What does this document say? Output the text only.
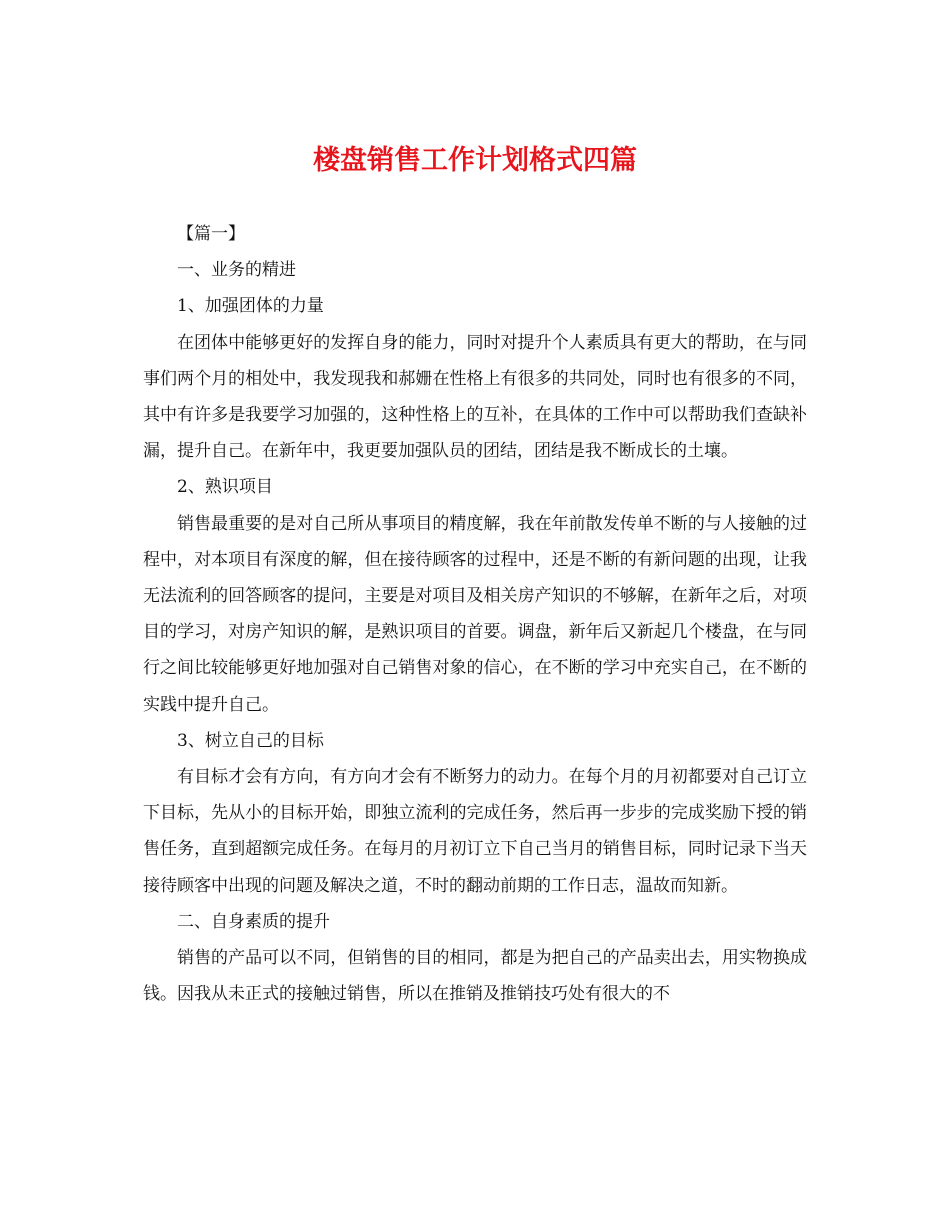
楼盘销售工作计划格式四篇

【篇一】

一、业务的精进

1、加强团体的力量

在团体中能够更好的发挥自身的能力，同时对提升个人素质具有更大的帮助，在与同事们两个月的相处中，我发现我和郝姗在性格上有很多的共同处，同时也有很多的不同，其中有许多是我要学习加强的，这种性格上的互补，在具体的工作中可以帮助我们查缺补漏，提升自己。在新年中，我更要加强队员的团结，团结是我不断成长的土壤。

2、熟识项目

销售最重要的是对自己所从事项目的精度解，我在年前散发传单不断的与人接触的过程中，对本项目有深度的解，但在接待顾客的过程中，还是不断的有新问题的出现，让我无法流利的回答顾客的提问，主要是对项目及相关房产知识的不够解，在新年之后，对项目的学习，对房产知识的解，是熟识项目的首要。调盘，新年后又新起几个楼盘，在与同行之间比较能够更好地加强对自己销售对象的信心，在不断的学习中充实自己，在不断的实践中提升自己。

3、树立自己的目标

有目标才会有方向，有方向才会有不断努力的动力。在每个月的月初都要对自己订立下目标，先从小的目标开始，即独立流利的完成任务，然后再一步步的完成奖励下授的销售任务，直到超额完成任务。在每月的月初订立下自己当月的销售目标，同时记录下当天接待顾客中出现的问题及解决之道，不时的翻动前期的工作日志，温故而知新。

二、自身素质的提升

销售的产品可以不同，但销售的目的相同，都是为把自己的产品卖出去，用实物换成钱。因我从未正式的接触过销售，所以在推销及推销技巧处有很大的不
